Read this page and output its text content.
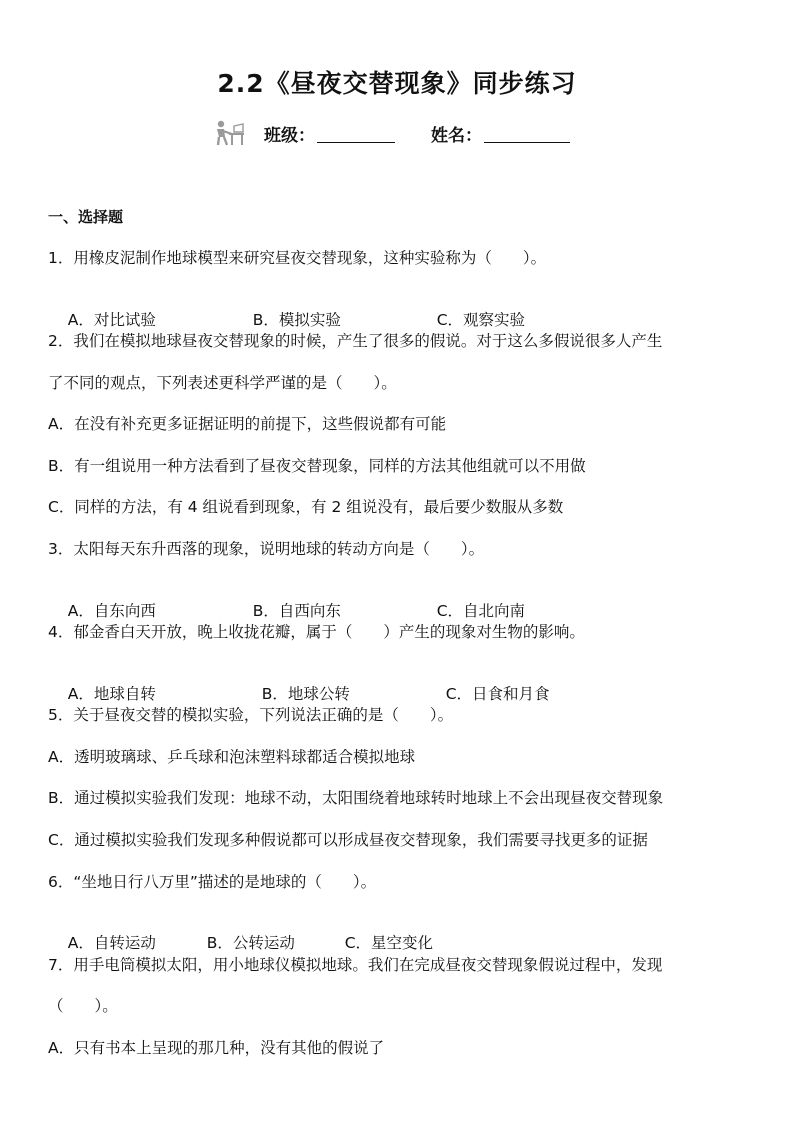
2.2《昼夜交替现象》同步练习
班级：	姓名：
一、选择题
1．用橡皮泥制作地球模型来研究昼夜交替现象，这种实验称为（　　）。

A．对比试验	B．模拟实验	C．观察实验

2．我们在模拟地球昼夜交替现象的时候，产生了很多的假说。对于这么多假说很多人产生
了不同的观点，下列表述更科学严谨的是（　　）。
A．在没有补充更多证据证明的前提下，这些假说都有可能
B．有一组说用一种方法看到了昼夜交替现象，同样的方法其他组就可以不用做
C．同样的方法，有 4 组说看到现象，有 2 组说没有，最后要少数服从多数
3．太阳每天东升西落的现象，说明地球的转动方向是（　　）。

A．自东向西	B．自西向东	C．自北向南

4．郁金香白天开放，晚上收拢花瓣，属于（　　）产生的现象对生物的影响。

A．地球自转	B．地球公转	C．日食和月食

5．关于昼夜交替的模拟实验，下列说法正确的是（　　）。
A．透明玻璃球、乒乓球和泡沫塑料球都适合模拟地球
B．通过模拟实验我们发现：地球不动，太阳围绕着地球转时地球上不会出现昼夜交替现象
C．通过模拟实验我们发现多种假说都可以形成昼夜交替现象，我们需要寻找更多的证据
6．“坐地日行八万里”描述的是地球的（　　）。

A．自转运动	B．公转运动	C．星空变化

7．用手电筒模拟太阳，用小地球仪模拟地球。我们在完成昼夜交替现象假说过程中，发现
（　　）。
A．只有书本上呈现的那几种，没有其他的假说了
